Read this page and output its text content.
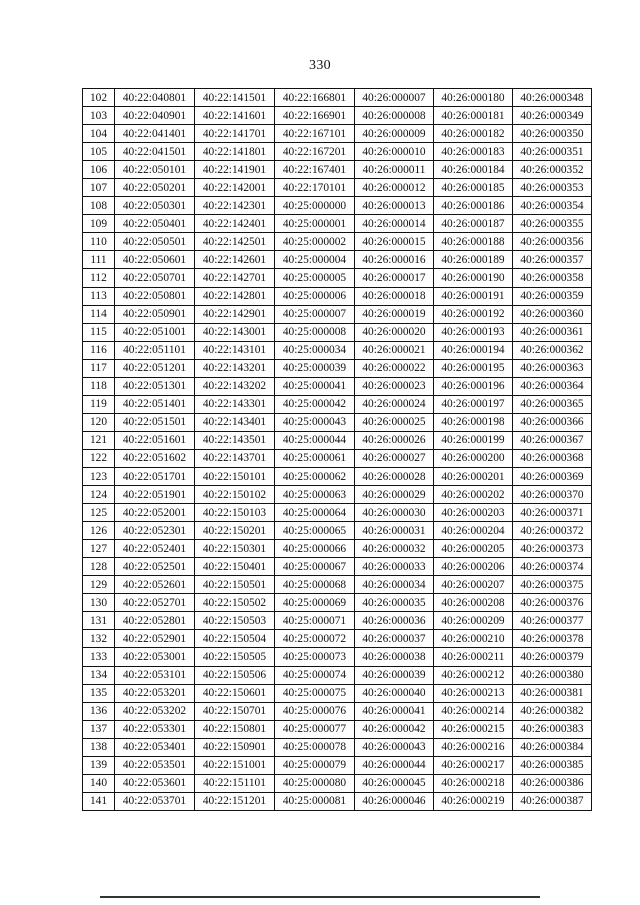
330
102	40:22:040801	40:22:141501	40:22:166801	40:26:000007	40:26:000180	40:26:000348
103	40:22:040901	40:22:141601	40:22:166901	40:26:000008	40:26:000181	40:26:000349
104	40:22:041401	40:22:141701	40:22:167101	40:26:000009	40:26:000182	40:26:000350
105	40:22:041501	40:22:141801	40:22:167201	40:26:000010	40:26:000183	40:26:000351
106	40:22:050101	40:22:141901	40:22:167401	40:26:000011	40:26:000184	40:26:000352
107	40:22:050201	40:22:142001	40:22:170101	40:26:000012	40:26:000185	40:26:000353
108	40:22:050301	40:22:142301	40:25:000000	40:26:000013	40:26:000186	40:26:000354
109	40:22:050401	40:22:142401	40:25:000001	40:26:000014	40:26:000187	40:26:000355
110	40:22:050501	40:22:142501	40:25:000002	40:26:000015	40:26:000188	40:26:000356
111	40:22:050601	40:22:142601	40:25:000004	40:26:000016	40:26:000189	40:26:000357
112	40:22:050701	40:22:142701	40:25:000005	40:26:000017	40:26:000190	40:26:000358
113	40:22:050801	40:22:142801	40:25:000006	40:26:000018	40:26:000191	40:26:000359
114	40:22:050901	40:22:142901	40:25:000007	40:26:000019	40:26:000192	40:26:000360
115	40:22:051001	40:22:143001	40:25:000008	40:26:000020	40:26:000193	40:26:000361
116	40:22:051101	40:22:143101	40:25:000034	40:26:000021	40:26:000194	40:26:000362
117	40:22:051201	40:22:143201	40:25:000039	40:26:000022	40:26:000195	40:26:000363
118	40:22:051301	40:22:143202	40:25:000041	40:26:000023	40:26:000196	40:26:000364
119	40:22:051401	40:22:143301	40:25:000042	40:26:000024	40:26:000197	40:26:000365
120	40:22:051501	40:22:143401	40:25:000043	40:26:000025	40:26:000198	40:26:000366
121	40:22:051601	40:22:143501	40:25:000044	40:26:000026	40:26:000199	40:26:000367
122	40:22:051602	40:22:143701	40:25:000061	40:26:000027	40:26:000200	40:26:000368
123	40:22:051701	40:22:150101	40:25:000062	40:26:000028	40:26:000201	40:26:000369
124	40:22:051901	40:22:150102	40:25:000063	40:26:000029	40:26:000202	40:26:000370
125	40:22:052001	40:22:150103	40:25:000064	40:26:000030	40:26:000203	40:26:000371
126	40:22:052301	40:22:150201	40:25:000065	40:26:000031	40:26:000204	40:26:000372
127	40:22:052401	40:22:150301	40:25:000066	40:26:000032	40:26:000205	40:26:000373
128	40:22:052501	40:22:150401	40:25:000067	40:26:000033	40:26:000206	40:26:000374
129	40:22:052601	40:22:150501	40:25:000068	40:26:000034	40:26:000207	40:26:000375
130	40:22:052701	40:22:150502	40:25:000069	40:26:000035	40:26:000208	40:26:000376
131	40:22:052801	40:22:150503	40:25:000071	40:26:000036	40:26:000209	40:26:000377
132	40:22:052901	40:22:150504	40:25:000072	40:26:000037	40:26:000210	40:26:000378
133	40:22:053001	40:22:150505	40:25:000073	40:26:000038	40:26:000211	40:26:000379
134	40:22:053101	40:22:150506	40:25:000074	40:26:000039	40:26:000212	40:26:000380
135	40:22:053201	40:22:150601	40:25:000075	40:26:000040	40:26:000213	40:26:000381
136	40:22:053202	40:22:150701	40:25:000076	40:26:000041	40:26:000214	40:26:000382
137	40:22:053301	40:22:150801	40:25:000077	40:26:000042	40:26:000215	40:26:000383
138	40:22:053401	40:22:150901	40:25:000078	40:26:000043	40:26:000216	40:26:000384
139	40:22:053501	40:22:151001	40:25:000079	40:26:000044	40:26:000217	40:26:000385
140	40:22:053601	40:22:151101	40:25:000080	40:26:000045	40:26:000218	40:26:000386
141	40:22:053701	40:22:151201	40:25:000081	40:26:000046	40:26:000219	40:26:000387
